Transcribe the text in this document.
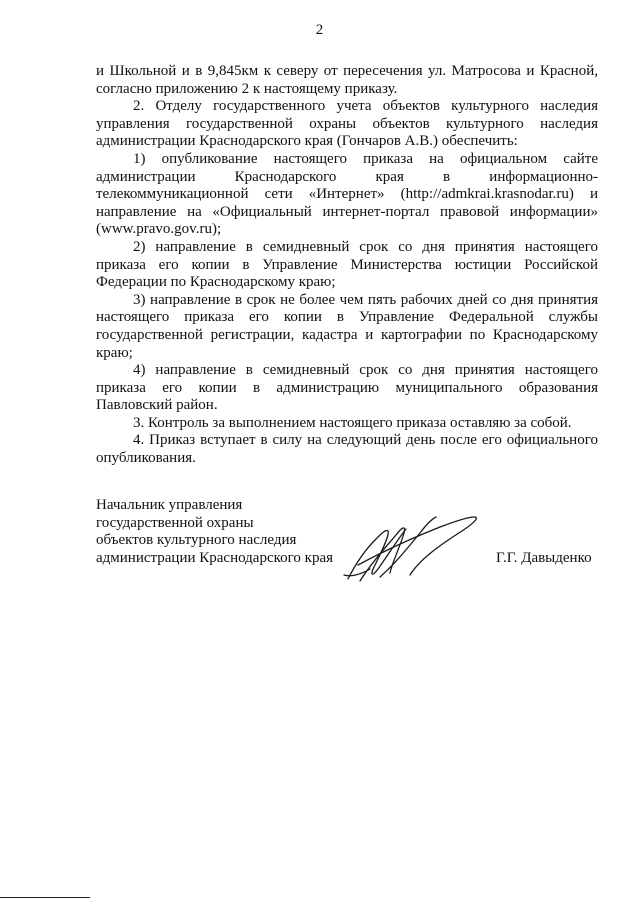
2

и Школьной и в 9,845км к северу от пересечения ул. Матросова и Красной, согласно приложению 2 к настоящему приказу.

2. Отделу государственного учета объектов культурного наследия управления государственной охраны объектов культурного наследия администрации Краснодарского края (Гончаров А.В.) обеспечить:

1) опубликование настоящего приказа на официальном сайте администрации Краснодарского края в информационно-телекоммуникационной сети «Интернет» (http://admkrai.krasnodar.ru) и направление на «Официальный интернет-портал правовой информации» (www.pravo.gov.ru);

2) направление в семидневный срок со дня принятия настоящего приказа его копии в Управление Министерства юстиции Российской Федерации по Краснодарскому краю;

3) направление в срок не более чем пять рабочих дней со дня принятия настоящего приказа его копии в Управление Федеральной службы государственной регистрации, кадастра и картографии по Краснодарскому краю;

4) направление в семидневный срок со дня принятия настоящего приказа его копии в администрацию муниципального образования Павловский район.

3. Контроль за выполнением настоящего приказа оставляю за собой.

4. Приказ вступает в силу на следующий день после его официального опубликования.

Начальник управления
государственной охраны
объектов культурного наследия
администрации Краснодарского края	Г.Г. Давыденко
